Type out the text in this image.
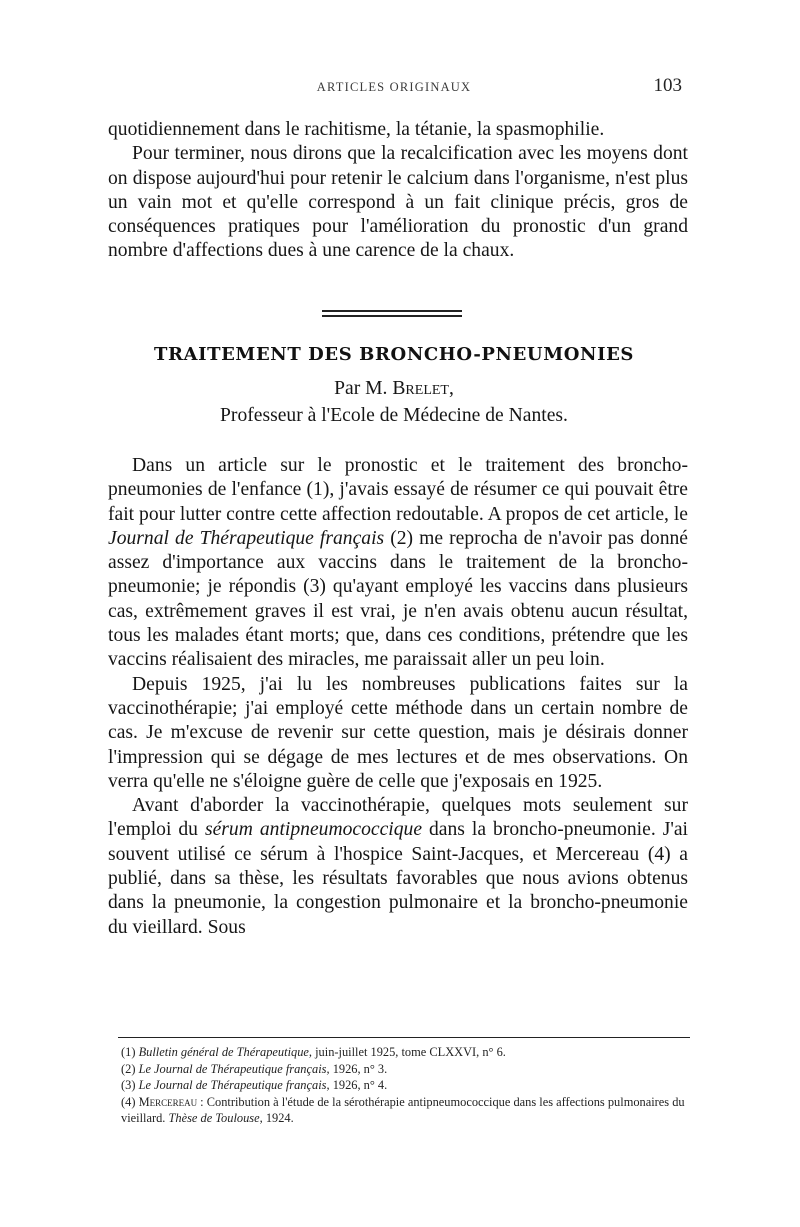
ARTICLES ORIGINAUX	103

quotidiennement dans le rachitisme, la tétanie, la spasmophilie.

Pour terminer, nous dirons que la recalcification avec les moyens dont on dispose aujourd'hui pour retenir le calcium dans l'organisme, n'est plus un vain mot et qu'elle correspond à un fait clinique précis, gros de conséquences pratiques pour l'amélioration du pronostic d'un grand nombre d'affections dues à une carence de la chaux.

TRAITEMENT DES BRONCHO-PNEUMONIES
Par M. Brelet,
Professeur à l'Ecole de Médecine de Nantes.

Dans un article sur le pronostic et le traitement des broncho-pneumonies de l'enfance (1), j'avais essayé de résumer ce qui pouvait être fait pour lutter contre cette affection redoutable. A propos de cet article, le Journal de Thérapeutique français (2) me reprocha de n'avoir pas donné assez d'importance aux vaccins dans le traitement de la broncho-pneumonie; je répondis (3) qu'ayant employé les vaccins dans plusieurs cas, extrêmement graves il est vrai, je n'en avais obtenu aucun résultat, tous les malades étant morts; que, dans ces conditions, prétendre que les vaccins réalisaient des miracles, me paraissait aller un peu loin.

Depuis 1925, j'ai lu les nombreuses publications faites sur la vaccinothérapie; j'ai employé cette méthode dans un certain nombre de cas. Je m'excuse de revenir sur cette question, mais je désirais donner l'impression qui se dégage de mes lectures et de mes observations. On verra qu'elle ne s'éloigne guère de celle que j'exposais en 1925.

Avant d'aborder la vaccinothérapie, quelques mots seulement sur l'emploi du sérum antipneumococcique dans la broncho-pneumonie. J'ai souvent utilisé ce sérum à l'hospice Saint-Jacques, et Mercereau (4) a publié, dans sa thèse, les résultats favorables que nous avions obtenus dans la pneumonie, la congestion pulmonaire et la broncho-pneumonie du vieillard. Sous

(1) Bulletin général de Thérapeutique, juin-juillet 1925, tome CLXXVI, n° 6.

(2) Le Journal de Thérapeutique français, 1926, n° 3.

(3) Le Journal de Thérapeutique français, 1926, n° 4.

(4) Mercereau : Contribution à l'étude de la sérothérapie antipneumococcique dans les affections pulmonaires du vieillard. Thèse de Toulouse, 1924.
